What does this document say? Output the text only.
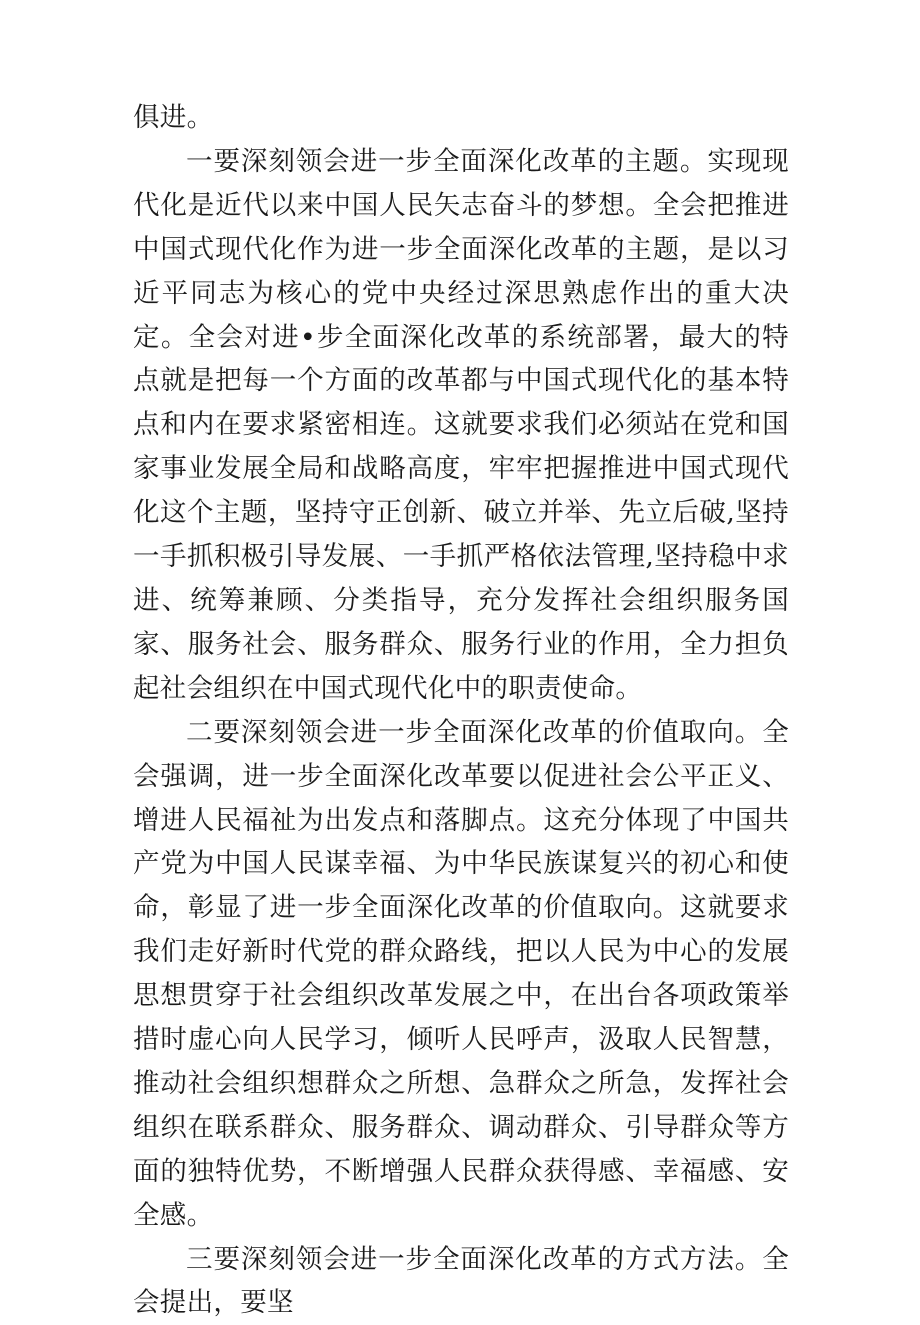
俱进。

一要深刻领会进一步全面深化改革的主题。实现现代化是近代以来中国人民矢志奋斗的梦想。全会把推进中国式现代化作为进一步全面深化改革的主题，是以习近平同志为核心的党中央经过深思熟虑作出的重大决定。全会对进•步全面深化改革的系统部署，最大的特点就是把每一个方面的改革都与中国式现代化的基本特点和内在要求紧密相连。这就要求我们必须站在党和国家事业发展全局和战略高度，牢牢把握推进中国式现代化这个主题，坚持守正创新、破立并举、先立后破,坚持一手抓积极引导发展、一手抓严格依法管理,坚持稳中求进、统筹兼顾、分类指导，充分发挥社会组织服务国家、服务社会、服务群众、服务行业的作用，全力担负起社会组织在中国式现代化中的职责使命。

二要深刻领会进一步全面深化改革的价值取向。全会强调，进一步全面深化改革要以促进社会公平正义、增进人民福祉为出发点和落脚点。这充分体现了中国共产党为中国人民谋幸福、为中华民族谋复兴的初心和使命，彰显了进一步全面深化改革的价值取向。这就要求我们走好新时代党的群众路线，把以人民为中心的发展思想贯穿于社会组织改革发展之中，在出台各项政策举措时虚心向人民学习，倾听人民呼声，汲取人民智慧，推动社会组织想群众之所想、急群众之所急，发挥社会组织在联系群众、服务群众、调动群众、引导群众等方面的独特优势，不断增强人民群众获得感、幸福感、安全感。

三要深刻领会进一步全面深化改革的方式方法。全会提出，要坚
